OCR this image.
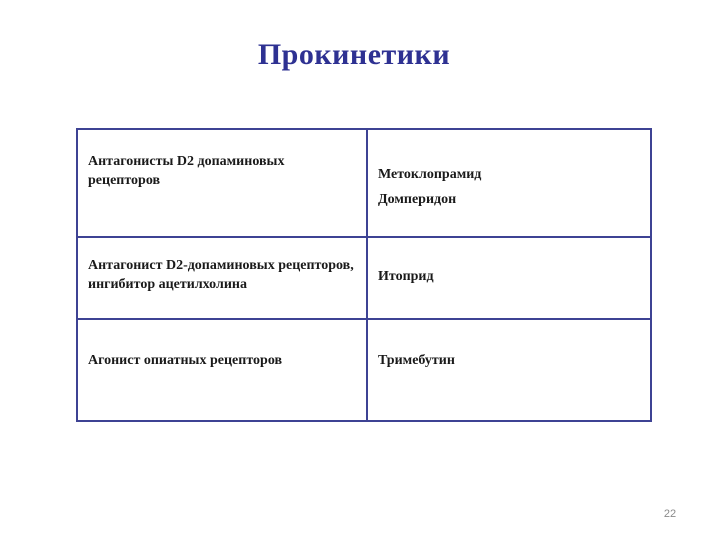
Прокинетики
Антагонисты D2 допаминовых рецепторов	Метоклопрамид
Домперидон

Антагонист D2-допаминовых рецепторов, ингибитор ацетилхолина	Итоприд

Агонист опиатных рецепторов	Тримебутин
22
